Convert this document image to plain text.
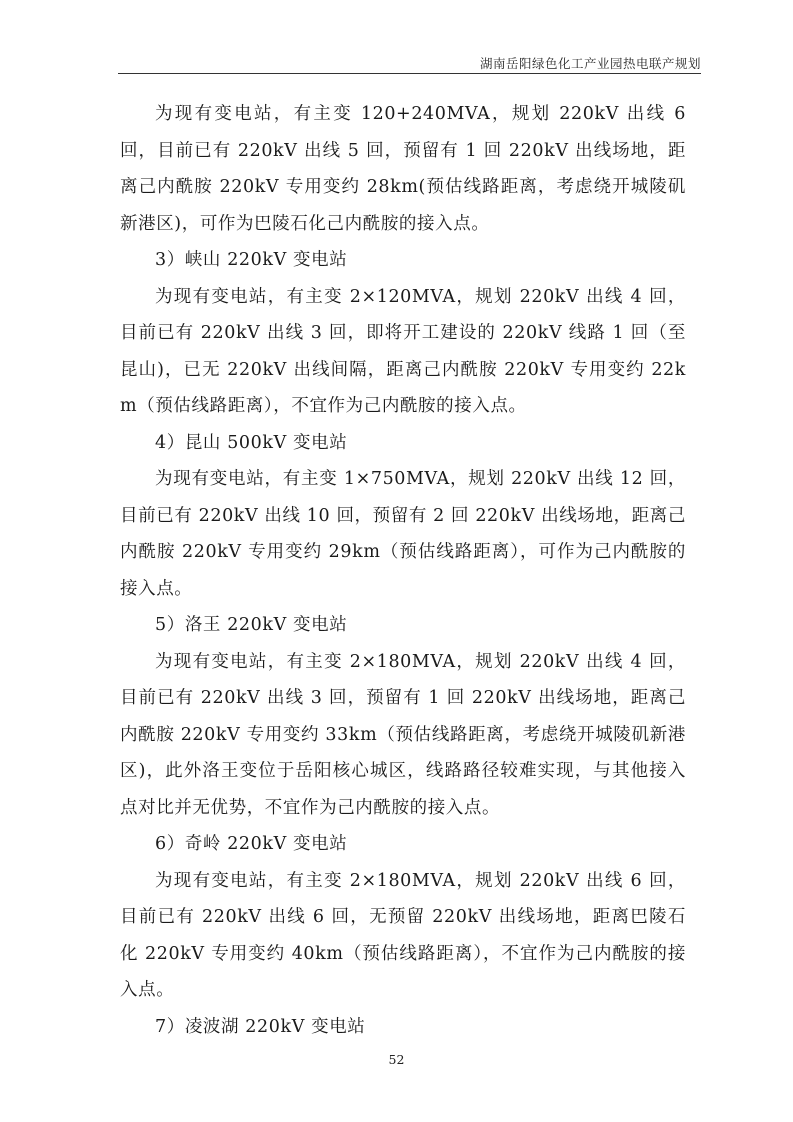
湖南岳阳绿色化工产业园热电联产规划

为现有变电站，有主变 120+240MVA，规划 220kV 出线 6 回，目前已有 220kV 出线 5 回，预留有 1 回 220kV 出线场地，距离己内酰胺 220kV 专用变约 28km(预估线路距离，考虑绕开城陵矶新港区)，可作为巴陵石化己内酰胺的接入点。

3）峡山 220kV 变电站

为现有变电站，有主变 2×120MVA，规划 220kV 出线 4 回，目前已有 220kV 出线 3 回，即将开工建设的 220kV 线路 1 回（至昆山)，已无 220kV 出线间隔，距离己内酰胺 220kV 专用变约 22km（预估线路距离），不宜作为己内酰胺的接入点。

4）昆山 500kV 变电站

为现有变电站，有主变 1×750MVA，规划 220kV 出线 12 回，目前已有 220kV 出线 10 回，预留有 2 回 220kV 出线场地，距离己内酰胺 220kV 专用变约 29km（预估线路距离），可作为己内酰胺的接入点。

5）洛王 220kV 变电站

为现有变电站，有主变 2×180MVA，规划 220kV 出线 4 回，目前已有 220kV 出线 3 回，预留有 1 回 220kV 出线场地，距离己内酰胺 220kV 专用变约 33km（预估线路距离，考虑绕开城陵矶新港区)，此外洛王变位于岳阳核心城区，线路路径较难实现，与其他接入点对比并无优势，不宜作为己内酰胺的接入点。

6）奇岭 220kV 变电站

为现有变电站，有主变 2×180MVA，规划 220kV 出线 6 回，目前已有 220kV 出线 6 回，无预留 220kV 出线场地，距离巴陵石化 220kV 专用变约 40km（预估线路距离），不宜作为己内酰胺的接入点。

7）凌波湖 220kV 变电站

52
